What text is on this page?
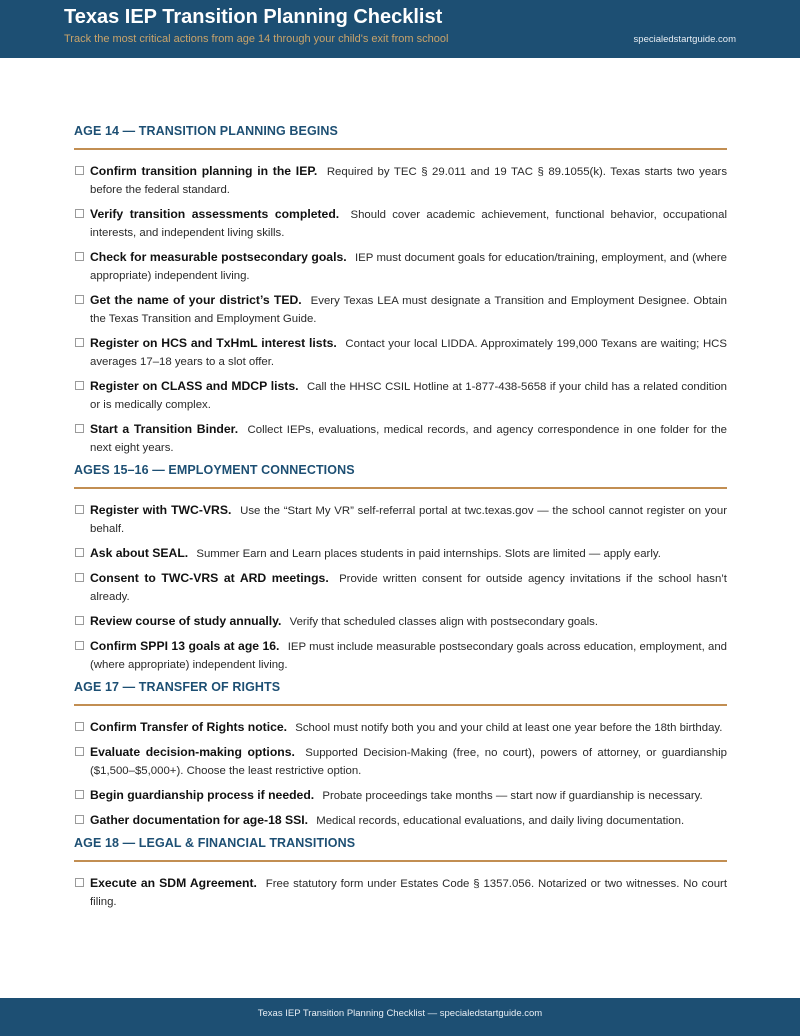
Texas IEP Transition Planning Checklist
Track the most critical actions from age 14 through your child's exit from school	specialedstartguide.com
AGE 14 — TRANSITION PLANNING BEGINS
Confirm transition planning in the IEP. Required by TEC § 29.011 and 19 TAC § 89.1055(k). Texas starts two years before the federal standard.
Verify transition assessments completed. Should cover academic achievement, functional behavior, occupational interests, and independent living skills.
Check for measurable postsecondary goals. IEP must document goals for education/training, employment, and (where appropriate) independent living.
Get the name of your district’s TED. Every Texas LEA must designate a Transition and Employment Designee. Obtain the Texas Transition and Employment Guide.
Register on HCS and TxHmL interest lists. Contact your local LIDDA. Approximately 199,000 Texans are waiting; HCS averages 17–18 years to a slot offer.
Register on CLASS and MDCP lists. Call the HHSC CSIL Hotline at 1-877-438-5658 if your child has a related condition or is medically complex.
Start a Transition Binder. Collect IEPs, evaluations, medical records, and agency correspondence in one folder for the next eight years.
AGES 15–16 — EMPLOYMENT CONNECTIONS
Register with TWC-VRS. Use the “Start My VR” self-referral portal at twc.texas.gov — the school cannot register on your behalf.
Ask about SEAL. Summer Earn and Learn places students in paid internships. Slots are limited — apply early.
Consent to TWC-VRS at ARD meetings. Provide written consent for outside agency invitations if the school hasn’t already.
Review course of study annually. Verify that scheduled classes align with postsecondary goals.
Confirm SPPI 13 goals at age 16. IEP must include measurable postsecondary goals across education, employment, and (where appropriate) independent living.
AGE 17 — TRANSFER OF RIGHTS
Confirm Transfer of Rights notice. School must notify both you and your child at least one year before the 18th birthday.
Evaluate decision-making options. Supported Decision-Making (free, no court), powers of attorney, or guardianship ($1,500–$5,000+). Choose the least restrictive option.
Begin guardianship process if needed. Probate proceedings take months — start now if guardianship is necessary.
Gather documentation for age-18 SSI. Medical records, educational evaluations, and daily living documentation.
AGE 18 — LEGAL & FINANCIAL TRANSITIONS
Execute an SDM Agreement. Free statutory form under Estates Code § 1357.056. Notarized or two witnesses. No court filing.
Texas IEP Transition Planning Checklist — specialedstartguide.com
